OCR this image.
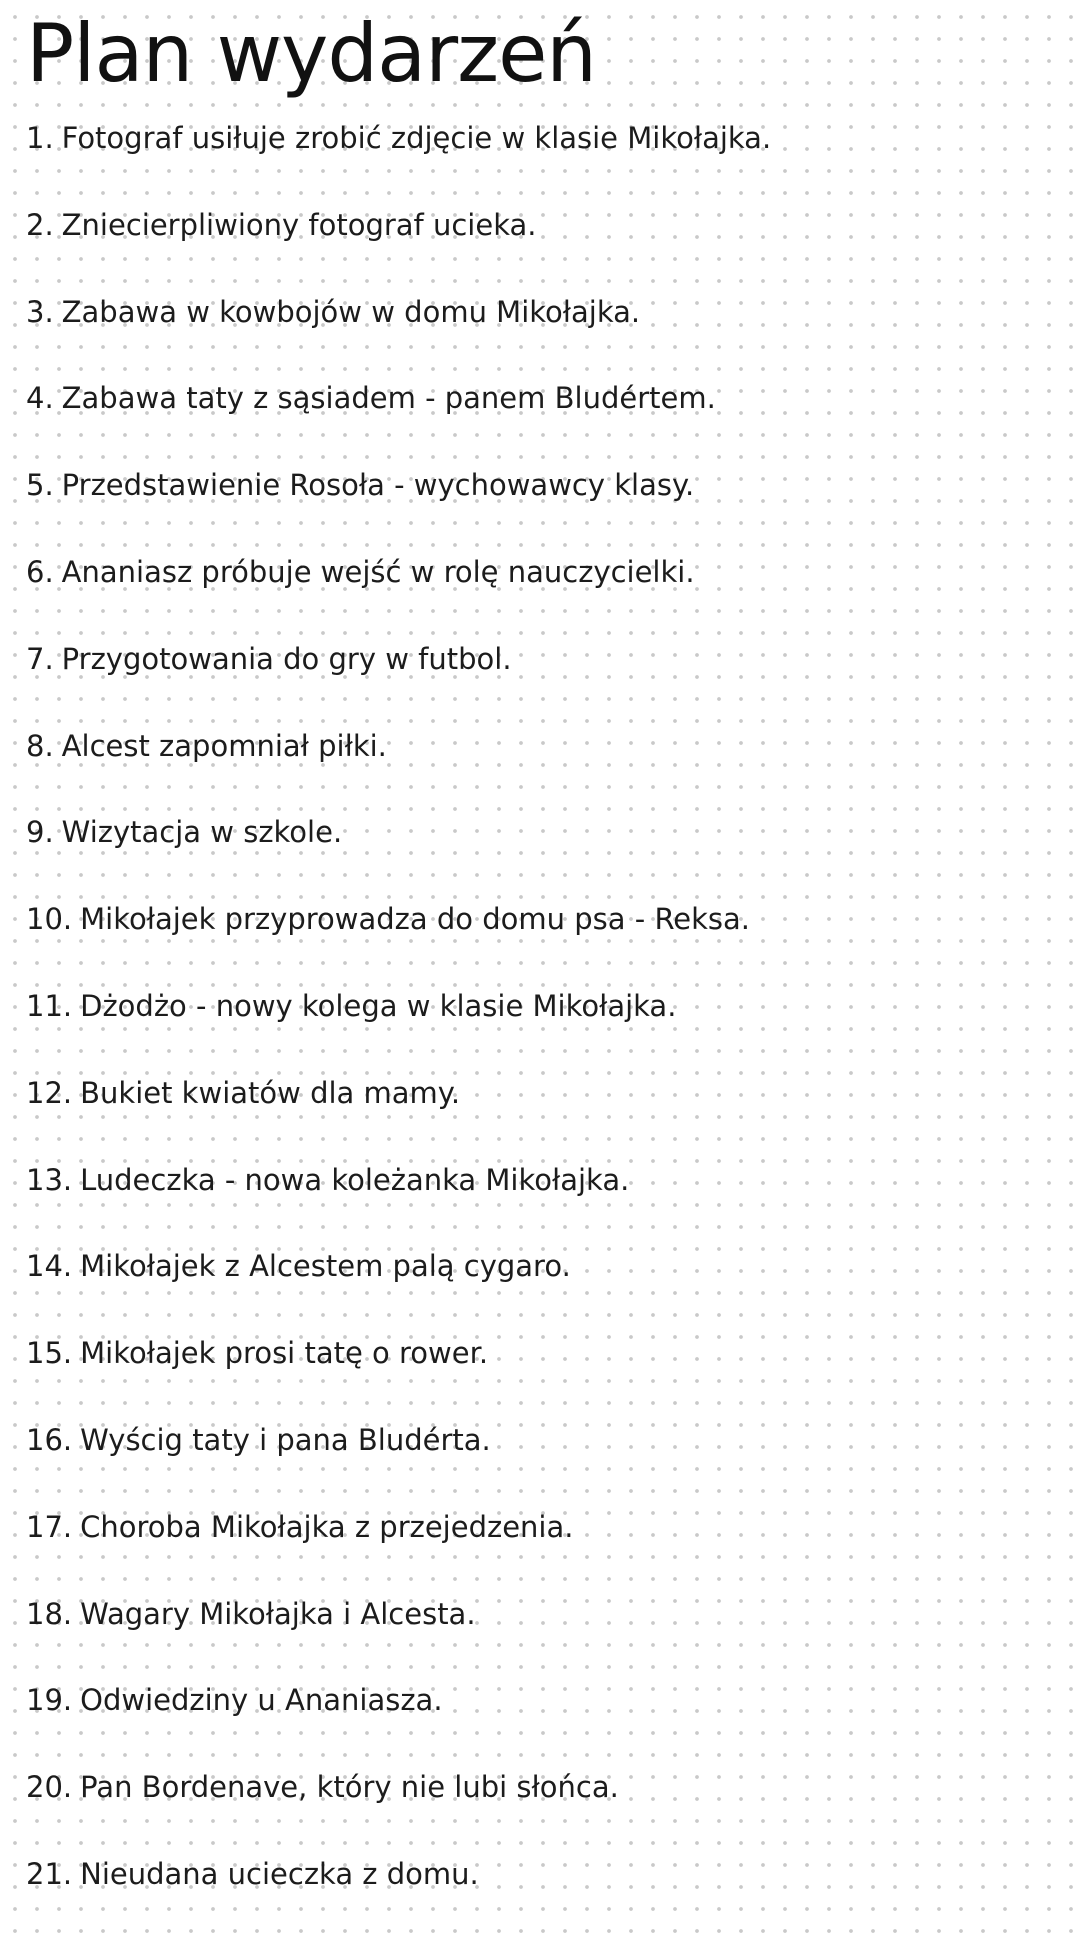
Plan wydarzeń
1. Fotograf usiłuje zrobić zdjęcie w klasie Mikołajka.
2. Zniecierpliwiony fotograf ucieka.
3. Zabawa w kowbojów w domu Mikołajka.
4. Zabawa taty z sąsiadem - panem Bludértem.
5. Przedstawienie Rosoła - wychowawcy klasy.
6. Ananiasz próbuje wejść w rolę nauczycielki.
7. Przygotowania do gry w futbol.
8. Alcest zapomniał piłki.
9. Wizytacja w szkole.
10. Mikołajek przyprowadza do domu psa - Reksa.
11. Dżodżo - nowy kolega w klasie Mikołajka.
12. Bukiet kwiatów dla mamy.
13. Ludeczka - nowa koleżanka Mikołajka.
14. Mikołajek z Alcestem palą cygaro.
15. Mikołajek prosi tatę o rower.
16. Wyścig taty i pana Bludérta.
17. Choroba Mikołajka z przejedzenia.
18. Wagary Mikołajka i Alcesta.
19. Odwiedziny u Ananiasza.
20. Pan Bordenave, który nie lubi słońca.
21. Nieudana ucieczka z domu.
